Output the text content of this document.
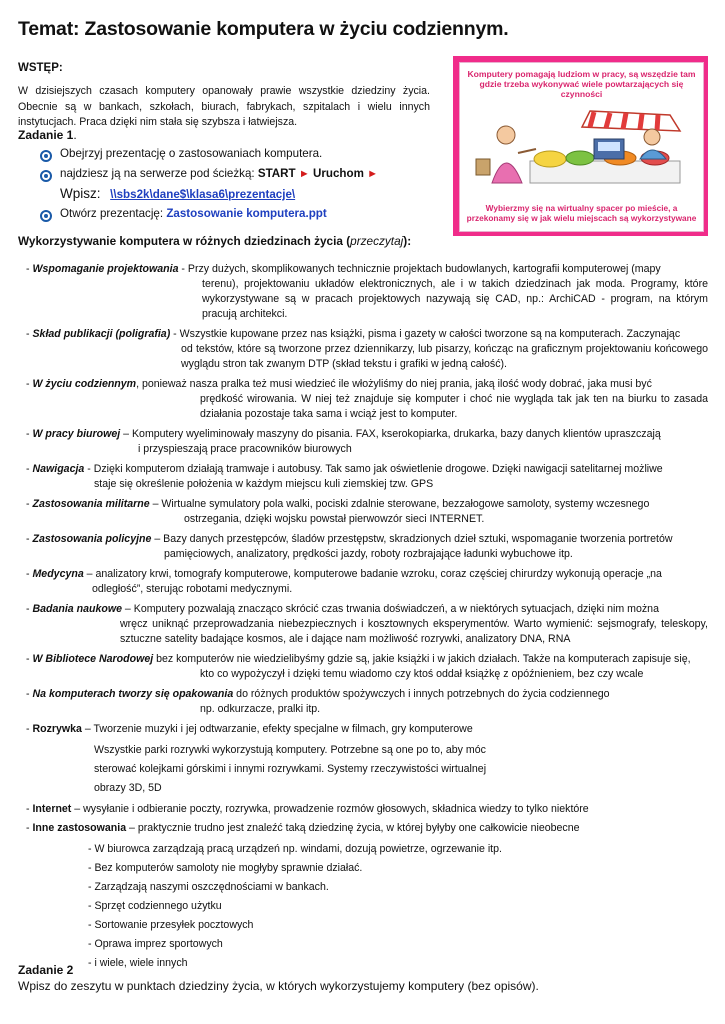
Temat: Zastosowanie komputera w życiu codziennym.
WSTĘP:
W dzisiejszych czasach komputery opanowały prawie wszystkie dziedziny życia. Obecnie są w bankach, szkołach, biurach, fabrykach, szpitalach i wielu innych instytucjach. Praca dzięki nim stała się szybsza i łatwiejsza.
Zadanie 1.
Obejrzyj prezentację o zastosowaniach komputera.
najdziesz ją na serwerze pod ścieżką: START ► Uruchom ►
Wpisz: \\sbs2k\dane$\klasa6\prezentacje\
Otwórz prezentację: Zastosowanie komputera.ppt
Komputery pomagają ludziom w pracy, są wszędzie tam gdzie trzeba wykonywać wiele powtarzających się czynności
Wybierzmy się na wirtualny spacer po mieście, a przekonamy się w jak wielu miejscach są wykorzystywane
Wykorzystywanie komputera w różnych dziedzinach życia (przeczytaj):
- Wspomaganie projektowania - Przy dużych, skomplikowanych technicznie projektach budowlanych, kartografii komputerowej (mapy
terenu), projektowaniu układów elektronicznych, ale i w takich dziedzinach jak moda. Programy, które wykorzystywane są w pracach projektowych nazywają się CAD, np.: ArchiCAD - program, na którym pracują architekci.
- Skład publikacji (poligrafia) - Wszystkie kupowane przez nas książki, pisma i gazety w całości tworzone są na komputerach. Zaczynając
od tekstów, które są tworzone przez dziennikarzy, lub pisarzy, kończąc na graficznym projektowaniu końcowego wyglądu stron tak zwanym DTP (skład tekstu i grafiki w jedną całość).
- W życiu codziennym, ponieważ nasza pralka też musi wiedzieć ile włożyliśmy do niej prania, jaką ilość wody dobrać, jaka musi być
prędkość wirowania. W niej też znajduje się komputer i choć nie wygląda tak jak ten na biurku to zasada działania pozostaje taka sama i wciąż jest to komputer.
- W pracy biurowej – Komputery wyeliminowały maszyny do pisania. FAX, kserokopiarka, drukarka, bazy danych klientów upraszczają
i przyspieszają prace pracowników biurowych
- Nawigacja - Dzięki komputerom działają tramwaje i autobusy. Tak samo jak oświetlenie drogowe. Dzięki nawigacji satelitarnej możliwe
staje się określenie położenia w każdym miejscu kuli ziemskiej tzw. GPS
- Zastosowania militarne – Wirtualne symulatory pola walki, pociski zdalnie sterowane, bezzałogowe samoloty, systemy wczesnego
ostrzegania, dzięki wojsku powstał pierwowzór sieci INTERNET.
- Zastosowania policyjne – Bazy danych przestępców, śladów przestępstw, skradzionych dzieł sztuki, wspomaganie tworzenia portretów
pamięciowych, analizatory, prędkości jazdy, roboty rozbrajające ładunki wybuchowe itp.
- Medycyna – analizatory krwi, tomografy komputerowe, komputerowe badanie wzroku, coraz częściej chirurdzy wykonują operacje „na
odległość”, sterując robotami medycznymi.
- Badania naukowe – Komputery pozwalają znacząco skrócić czas trwania doświadczeń, a w niektórych sytuacjach, dzięki nim można
wręcz uniknąć przeprowadzania niebezpiecznych i kosztownych eksperymentów. Warto wymienić: sejsmografy, teleskopy, sztuczne satelity badające kosmos, ale i dające nam możliwość rozrywki, analizatory DNA, RNA
- W Bibliotece Narodowej bez komputerów nie wiedzielibyśmy gdzie są, jakie książki i w jakich działach. Także na komputerach zapisuje się,
kto co wypożyczył i dzięki temu wiadomo czy ktoś oddał książkę z opóźnieniem, bez czy wcale
- Na komputerach tworzy się opakowania do różnych produktów spożywczych i innych potrzebnych do życia codziennego
np. odkurzacze, pralki itp.
- Rozrywka – Tworzenie muzyki i jej odtwarzanie, efekty specjalne w filmach, gry komputerowe
Wszystkie parki rozrywki wykorzystują komputery. Potrzebne są one po to, aby móc
sterować kolejkami górskimi i innymi rozrywkami. Systemy rzeczywistości wirtualnej
obrazy 3D, 5D
- Internet – wysyłanie i odbieranie poczty, rozrywka, prowadzenie rozmów głosowych, składnica wiedzy to tylko niektóre
- Inne zastosowania – praktycznie trudno jest znaleźć taką dziedzinę życia, w której byłyby one całkowicie nieobecne
- W biurowca zarządzają pracą urządzeń np. windami, dozują powietrze, ogrzewanie itp.
- Bez komputerów samoloty nie mogłyby sprawnie działać.
- Zarządzają naszymi oszczędnościami w bankach.
- Sprzęt codziennego użytku
- Sortowanie przesyłek pocztowych
- Oprawa imprez sportowych
- i wiele, wiele innych
Zadanie 2
Wpisz do zeszytu w punktach dziedziny życia, w których wykorzystujemy komputery (bez opisów).
